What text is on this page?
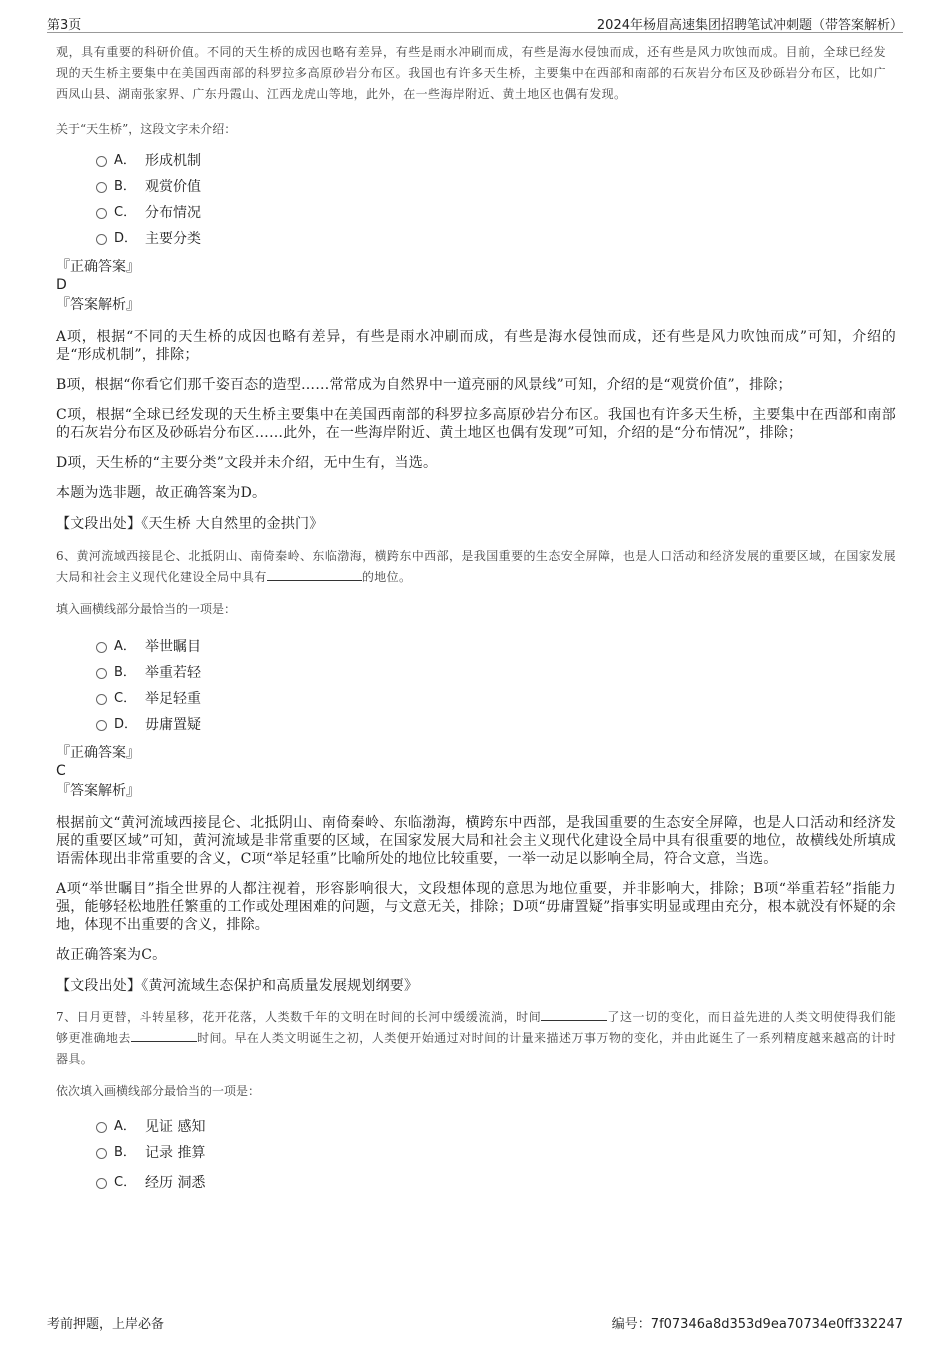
第3页	2024年杨眉高速集团招聘笔试冲刺题（带答案解析）

观，具有重要的科研价值。不同的天生桥的成因也略有差异，有些是雨水冲刷而成，有些是海水侵蚀而成，还有些是风力吹蚀而成。目前，全球已经发现的天生桥主要集中在美国西南部的科罗拉多高原砂岩分布区。我国也有许多天生桥，主要集中在西部和南部的石灰岩分布区及砂砾岩分布区，比如广西凤山县、湖南张家界、广东丹霞山、江西龙虎山等地，此外，在一些海岸附近、黄土地区也偶有发现。

关于“天生桥”，这段文字未介绍：

A． 形成机制
B． 观赏价值
C． 分布情况
D． 主要分类

『正确答案』

D

『答案解析』

A项，根据“不同的天生桥的成因也略有差异，有些是雨水冲刷而成，有些是海水侵蚀而成，还有些是风力吹蚀而成”可知，介绍的是“形成机制”，排除；

B项，根据“你看它们那千姿百态的造型……常常成为自然界中一道亮丽的风景线”可知，介绍的是“观赏价值”，排除；

C项，根据“全球已经发现的天生桥主要集中在美国西南部的科罗拉多高原砂岩分布区。我国也有许多天生桥，主要集中在西部和南部的石灰岩分布区及砂砾岩分布区……此外，在一些海岸附近、黄土地区也偶有发现”可知，介绍的是“分布情况”，排除；

D项，天生桥的“主要分类”文段并未介绍，无中生有，当选。

本题为选非题，故正确答案为D。

【文段出处】《天生桥 大自然里的金拱门》

6、黄河流域西接昆仑、北抵阴山、南倚秦岭、东临渤海，横跨东中西部，是我国重要的生态安全屏障，也是人口活动和经济发展的重要区域，在国家发展大局和社会主义现代化建设全局中具有	的地位。

填入画横线部分最恰当的一项是：

A． 举世瞩目
B． 举重若轻
C． 举足轻重
D． 毋庸置疑

『正确答案』

C

『答案解析』

根据前文“黄河流域西接昆仑、北抵阴山、南倚秦岭、东临渤海，横跨东中西部，是我国重要的生态安全屏障，也是人口活动和经济发展的重要区域”可知，黄河流域是非常重要的区域，在国家发展大局和社会主义现代化建设全局中具有很重要的地位，故横线处所填成语需体现出非常重要的含义，C项“举足轻重”比喻所处的地位比较重要，一举一动足以影响全局，符合文意，当选。

A项“举世瞩目”指全世界的人都注视着，形容影响很大，文段想体现的意思为地位重要，并非影响大，排除；B项“举重若轻”指能力强，能够轻松地胜任繁重的工作或处理困难的问题，与文意无关，排除；D项“毋庸置疑”指事实明显或理由充分，根本就没有怀疑的余地，体现不出重要的含义，排除。

故正确答案为C。

【文段出处】《黄河流域生态保护和高质量发展规划纲要》

7、日月更替，斗转星移，花开花落，人类数千年的文明在时间的长河中缓缓流淌，时间	了这一切的变化，而日益先进的人类文明使得我们能够更准确地去	时间。早在人类文明诞生之初，人类便开始通过对时间的计量来描述万事万物的变化，并由此诞生了一系列精度越来越高的计时器具。

依次填入画横线部分最恰当的一项是：

A． 见证 感知
B． 记录 推算
C． 经历 洞悉
考前押题，上岸必备	编号：7f07346a8d353d9ea70734e0ff332247
